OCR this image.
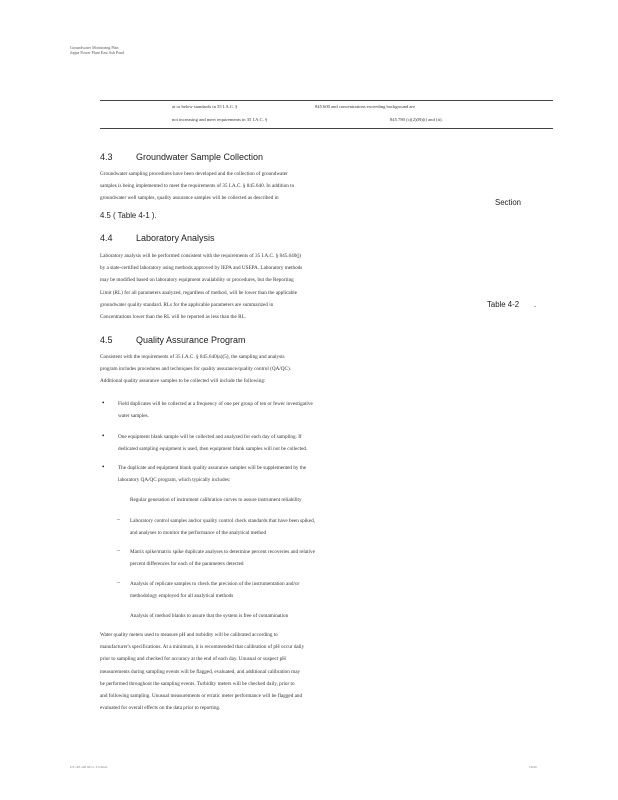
Groundwater Monitoring Plan
Joppa Power Plant East Ash Pond
at or below standards in 35 I.A.C. §	845.600 and concentrations exceeding background are
not increasing and meet requirements in 35 I.A.C. §	845.780 (c)(2)(B)(i) and (ii).
4.3	Groundwater Sample Collection
Groundwater sampling procedures have been developed and the collection of groundwater
samples is being implemented to meet the requirements of 35 I.A.C. § 845.640. In addition to
groundwater well samples, quality assurance samples will be collected as described in	Section
4.5 ( Table 4-1 ).
4.4	Laboratory Analysis
Laboratory analysis will be performed consistent with the requirements of 35 I.A.C. § 845.640(j)
by a state-certified laboratory using methods approved by IEPA and USEPA. Laboratory methods
may be modified based on laboratory equipment availability or procedures, but the Reporting
Limit (RL) for all parameters analyzed, regardless of method, will be lower than the applicable
groundwater quality standard. RLs for the applicable parameters are summarized in
Concentrations lower than the RL will be reported as less than the RL.
Table 4-2 .
4.5	Quality Assurance Program
Consistent with the requirements of 35 I.A.C. § 845.640(a)(5), the sampling and analysis
program includes procedures and techniques for quality assurance/quality control (QA/QC).
Additional quality assurance samples to be collected will include the following:
•	Field duplicates will be collected at a frequency of one per group of ten or fewer investigative
water samples.
•	One equipment blank sample will be collected and analyzed for each day of sampling. If
dedicated sampling equipment is used, then equipment blank samples will not be collected.
•	The duplicate and equipment blank quality assurance samples will be supplemented by the
laboratory QA/QC program, which typically includes:
Regular generation of instrument calibration curves to assure instrument reliability
– Laboratory control samples and/or quality control check standards that have been spiked,
and analyses to monitor the performance of the analytical method
– Matrix spike/matrix spike duplicate analyses to determine percent recoveries and relative
percent differences for each of the parameters detected
– Analysis of replicate samples to check the precision of the instrumentation and/or
methodology employed for all analytical methods
Analysis of method blanks to assure that the system is free of contamination
Water quality meters used to measure pH and turbidity will be calibrated according to
manufacturer's specifications. At a minimum, it is recommended that calibration of pH occur daily
prior to sampling and checked for accuracy at the end of each day. Unusual or suspect pH
measurements during sampling events will be flagged, evaluated, and additional calibration may
be performed throughout the sampling events. Turbidity meters will be checked daily, prior to
and following sampling. Unusual measurements or erratic meter performance will be flagged and
evaluated for overall effects on the data prior to reporting.
US 165 140 99 v1 3.2.2022	16/20
